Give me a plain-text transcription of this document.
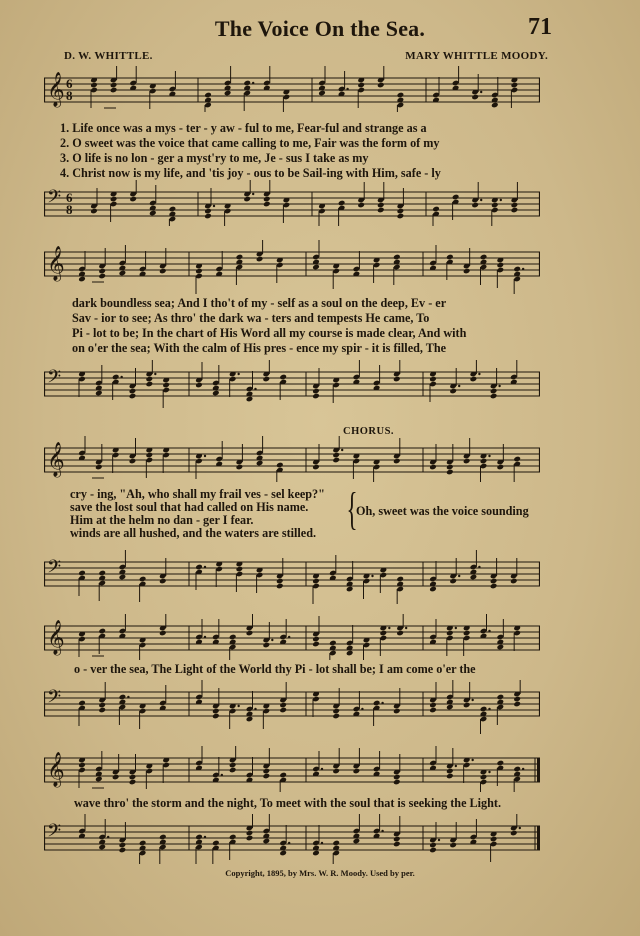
The Voice On the Sea.	71
D. W. WHITTLE.	MARY WHITTLE MOODY.
𝄞 6
8
1. Life once was a mys - ter - y aw - ful to me, Fear-ful and strange as a
2. O sweet was the voice that came calling to me, Fair was the form of my
3. O life is no lon - ger a myst'ry to me, Je - sus I take as my
4. Christ now is my life, and 'tis joy - ous to be Sail-ing with Him, safe - ly
𝄢 6
8
𝄞
dark boundless sea; And I tho't of my - self as a soul on the deep, Ev - er
Sav - ior to see; As thro' the dark wa - ters and tempests He came, To
Pi - lot to be; In the chart of His Word all my course is made clear, And with
on o'er the sea; With the calm of His pres - ence my spir - it is filled, The
𝄢
CHORUS.
𝄞
cry - ing, "Ah, who shall my frail ves - sel keep?"
save the lost soul that had called on His name.
Him at the helm no dan - ger I fear.
winds are all hushed, and the waters are stilled. {
Oh, sweet was the voice sounding
𝄢
𝄞
o - ver the sea, The Light of the World thy Pi - lot shall be; I am come o'er the
𝄢
𝄞
wave thro' the storm and the night, To meet with the soul that is seeking the Light.
𝄢
Copyright, 1895, by Mrs. W. R. Moody. Used by per.
